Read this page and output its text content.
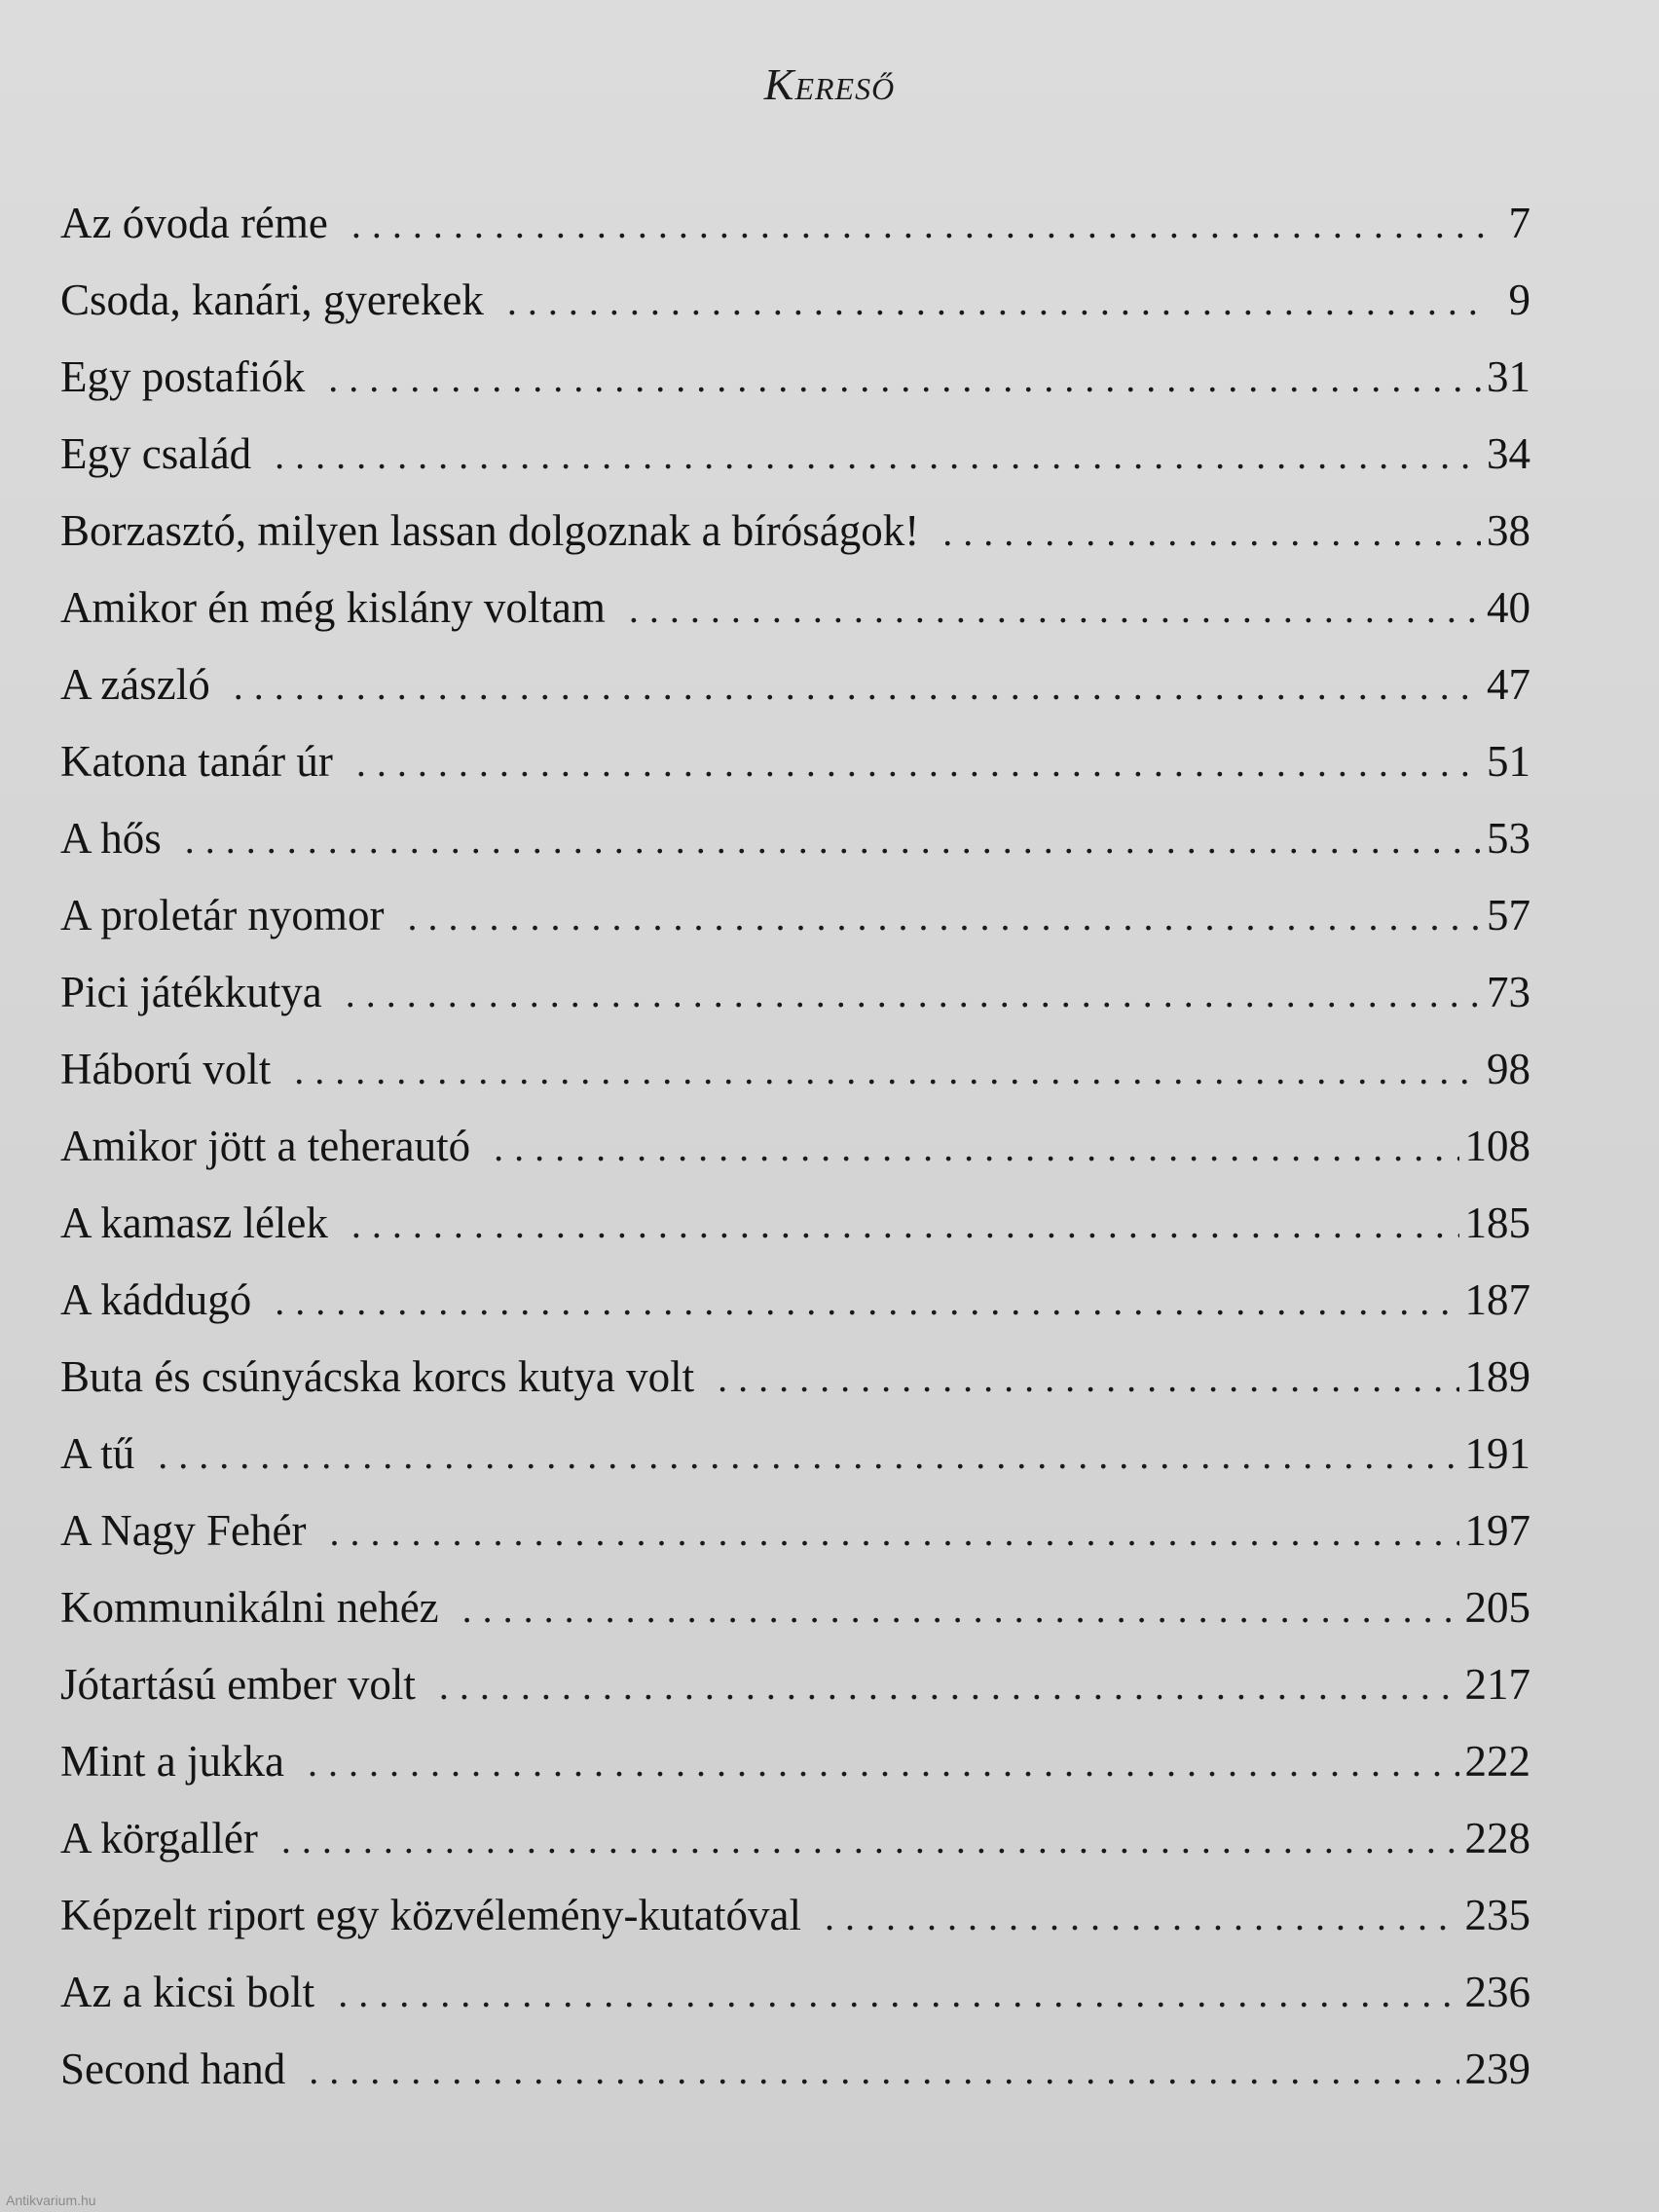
Kereső
Az óvoda réme . . .	7
Csoda, kanári, gyerekek . . .	9
Egy postafiók . . .	31
Egy család . . .	34
Borzasztó, milyen lassan dolgoznak a bíróságok! . . .	38
Amikor én még kislány voltam . . .	40
A zászló . . .	47
Katona tanár úr . . .	51
A hős . . .	53
A proletár nyomor . . .	57
Pici játékkutya . . .	73
Háború volt . . .	98
Amikor jött a teherautó . . .	108
A kamasz lélek . . .	185
A káddugó . . .	187
Buta és csúnyácska korcs kutya volt . . .	189
A tű . . .	191
A Nagy Fehér . . .	197
Kommunikálni nehéz . . .	205
Jótartású ember volt . . .	217
Mint a jukka . . .	222
A körgallér . . .	228
Képzelt riport egy közvélemény-kutatóval . . .	235
Az a kicsi bolt . . .	236
Second hand . . .	239
Antikvarium.hu
